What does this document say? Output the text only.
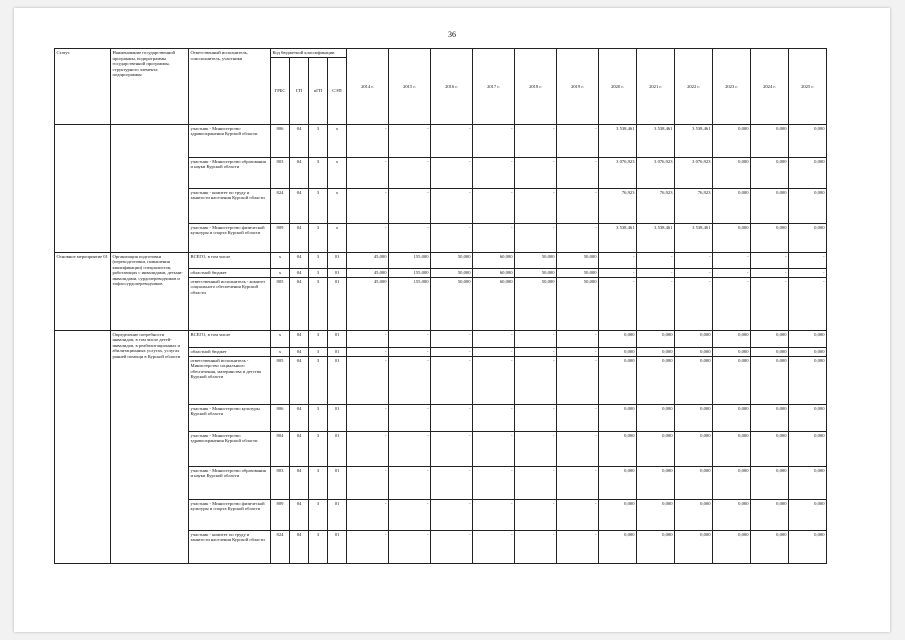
36
Статус	Наименование государственной программы, подпрограммы государственной программы, структурного элемента подпрограммы	Ответственный исполнитель, соисполнитель, участники	Код бюджетной классификации				2014 г.	2015 г.	2016 г.	2017 г.	2018 г.	2019 г.	2020 г.	2021 г.	2022 г.	2023 г.	2024 г.	2025 г.
			ГРБС	ГП	пГП	СЭП												
		участник - Министерство здравоохранения Курской области	806	04	3	х	-	-	-	-	-	-	3 538,461	3 538,461	3 538,461	0,000	0,000	0,000
		участник - Министерство образования и науки Курской области	803	04	3	х	-	-	-	-	-	-	3 076,923	3 076,923	3 076,923	0,000	0,000	0,000
		участник - комитет по труду и занятости населения Курской области	824	04	3	х	-	-	-	-	-	-	76,923	76,923	76,923	0,000	0,000	0,000
		участник - Министерство физической культуры и спорта Курской области	809	04	3	х	-	-	-	-	-	-	3 538,461	3 538,461	3 538,461	0,000	0,000	0,000
Основное мероприятие 01	Организация подготовки (переподготовки, повышения квалификации) специалистов, работающих с инвалидами, детьми-инвалидами, сурдопереводчиков и тифлосурдопереводчиков	ВСЕГО, в том числе	х	04	3	01	45,000	155,000	50,000	60,000	50,000	50,000	-	-	-	-	-	-
		областной бюджет	х	04	3	01	45,000	155,000	50,000	60,000	50,000	50,000	-	-	-	-	-	-
		ответственный исполнитель - комитет социального обеспечения Курской области	805	04	3	01	45,000	155,000	50,000	60,000	50,000	50,000	-	-	-	-	-	-
	Определение потребности инвалидов, в том числе детей-инвалидов, в реабилитационных и абилитационных услугах, услугах ранней помощи в Курской области	ВСЕГО, в том числе	х	04	3	01	-	-	-	-	-	-	0,000	0,000	0,000	0,000	0,000	0,000
		областной бюджет	х	04	3	01	-	-	-	-	-	-	0,000	0,000	0,000	0,000	0,000	0,000
		ответственный исполнитель - Министерство социального обеспечения, материнства и детства Курской области	805	04	3	01	-	-	-	-	-	-	0,000	0,000	0,000	0,000	0,000	0,000
		участник - Министерство культуры Курской области	806	04	3	01	-	-	-	-	-	-	0,000	0,000	0,000	0,000	0,000	0,000
		участник - Министерство здравоохранения Курской области	804	04	3	01	-	-	-	-	-	-	0,000	0,000	0,000	0,000	0,000	0,000
		участник - Министерство образования и науки Курской области	803	04	3	01	-	-	-	-	-	-	0,000	0,000	0,000	0,000	0,000	0,000
		участник - Министерство физической культуры и спорта Курской области	809	04	3	01	-	-	-	-	-	-	0,000	0,000	0,000	0,000	0,000	0,000
		участник - комитет по труду и занятости населения Курской области	824	04	3	01	-	-	-	-	-	-	0,000	0,000	0,000	0,000	0,000	0,000
